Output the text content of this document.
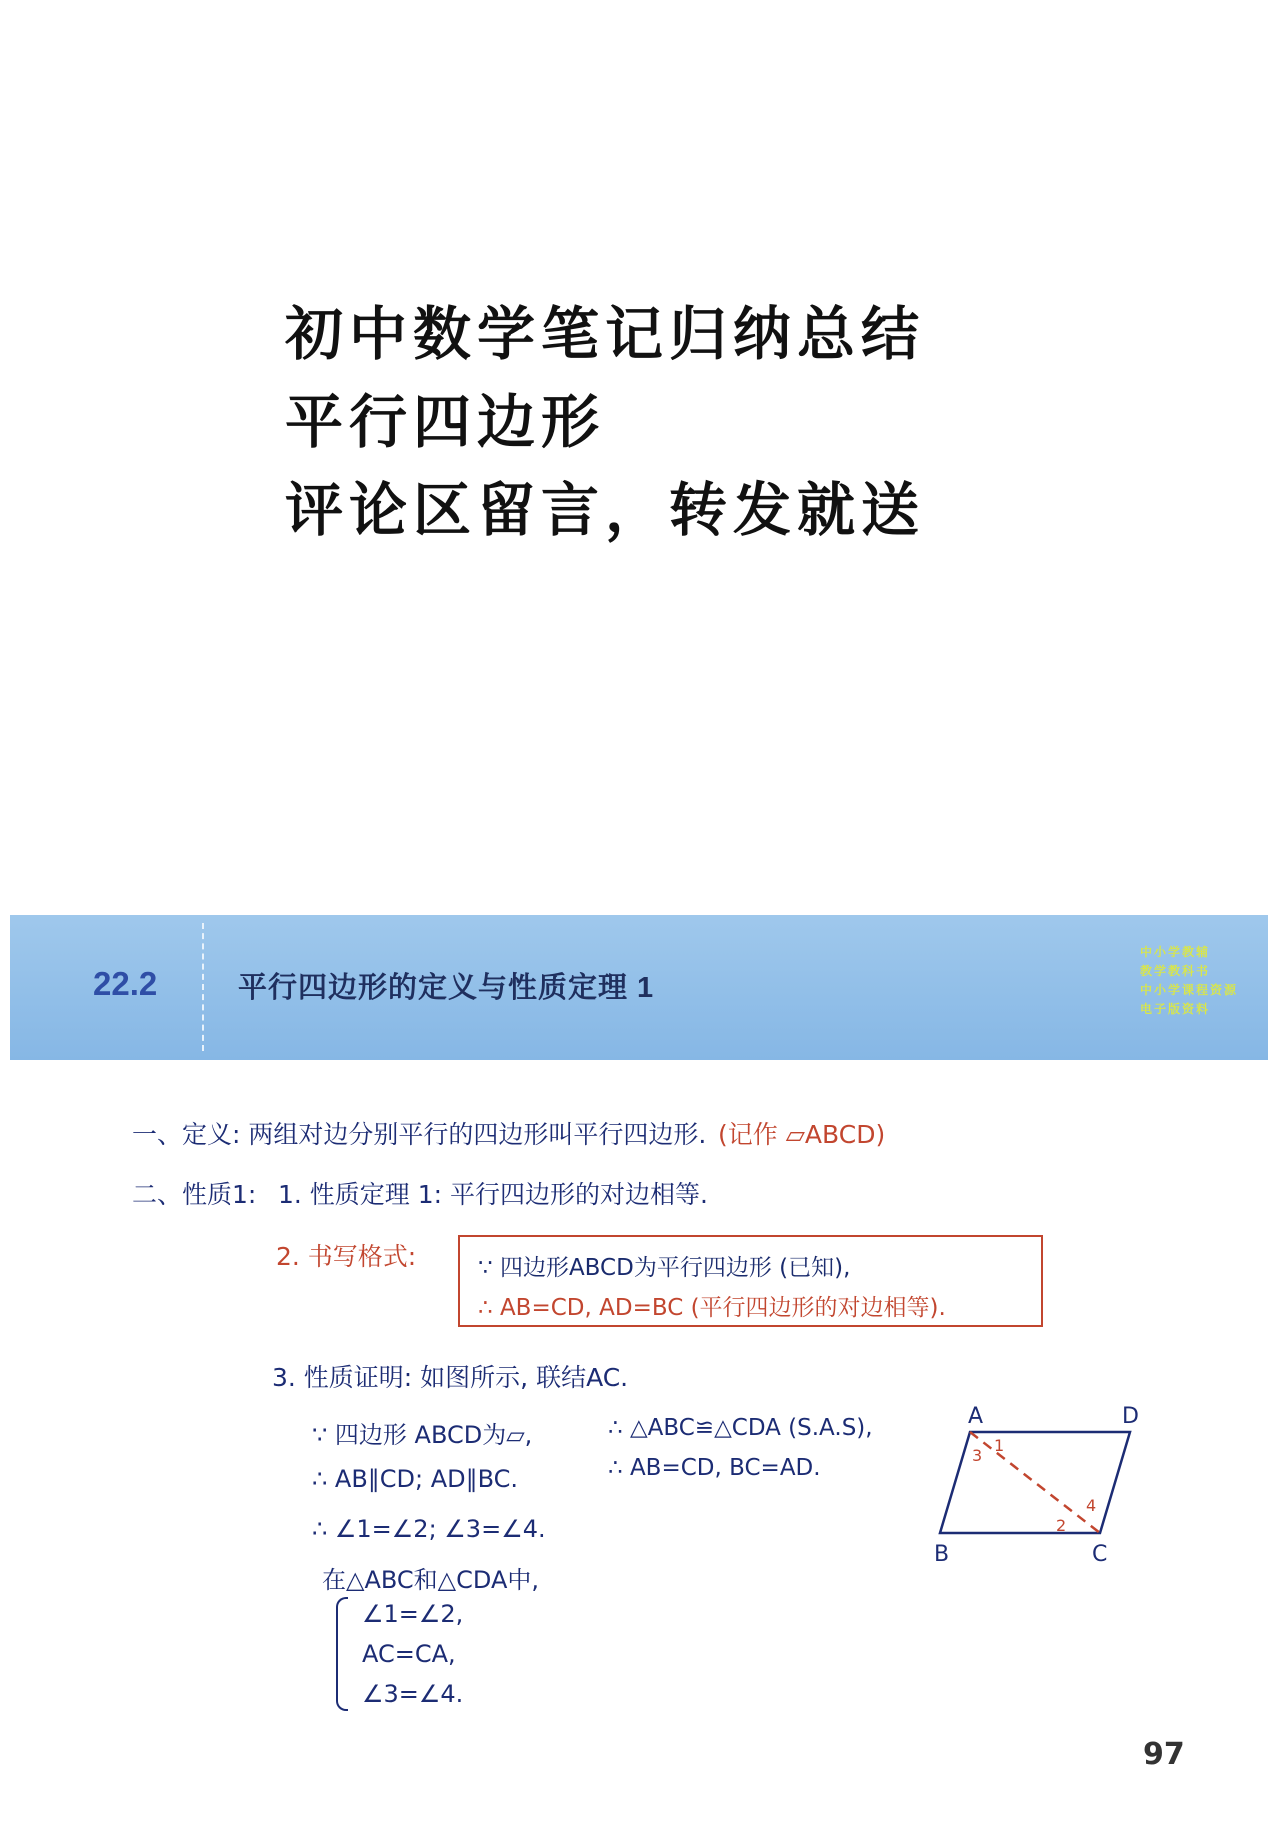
初中数学笔记归纳总结
平行四边形
评论区留言，转发就送
22.2	平行四边形的定义与性质定理 1
中小学教辅
教学教科书
中小学课程资源
电子版资料
一、定义: 两组对边分别平行的四边形叫平行四边形. (记作 ▱ABCD)
二、性质1: 1. 性质定理 1: 平行四边形的对边相等.
2. 书写格式:	∵ 四边形ABCD为平行四边形 (已知),
∴ AB=CD, AD=BC (平行四边形的对边相等).
3. 性质证明: 如图所示, 联结AC.
∵ 四边形 ABCD为▱,
∴ AB∥CD; AD∥BC.
∴ ∠1=∠2; ∠3=∠4.
在△ABC和△CDA中,
∠1=∠2,
AC=CA,
∠3=∠4.
∴ △ABC≌△CDA (S.A.S),
∴ AB=CD, BC=AD.
A	D
B	C
1
3
2
4
97
